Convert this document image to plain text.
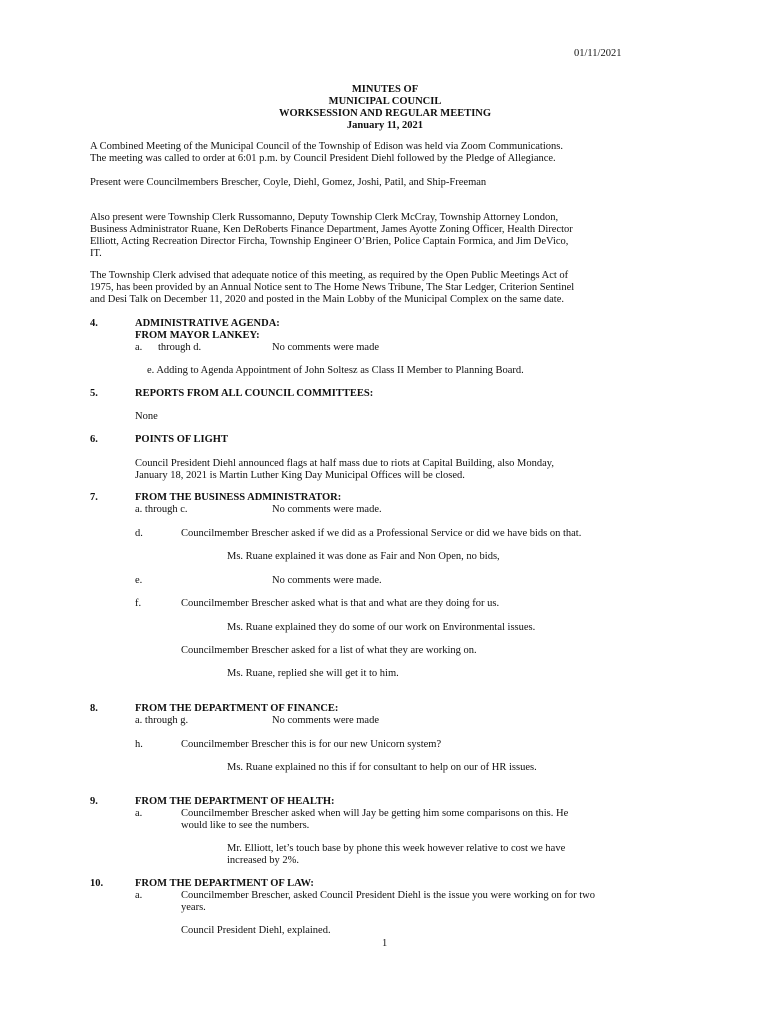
01/11/2021
MINUTES OF
MUNICIPAL COUNCIL
WORKSESSION AND REGULAR MEETING
January 11, 2021
A Combined Meeting of the Municipal Council of the Township of Edison was held via Zoom Communications.
The meeting was called to order at 6:01 p.m. by Council President Diehl followed by the Pledge of Allegiance.
Present were Councilmembers Brescher, Coyle, Diehl, Gomez, Joshi, Patil, and Ship-Freeman
Also present were Township Clerk Russomanno, Deputy Township Clerk McCray, Township Attorney London,
Business Administrator Ruane, Ken DeRoberts Finance Department, James Ayotte Zoning Officer, Health Director
Elliott, Acting Recreation Director Fircha, Township Engineer O’Brien, Police Captain Formica, and Jim DeVico,
IT.
The Township Clerk advised that adequate notice of this meeting, as required by the Open Public Meetings Act of
1975, has been provided by an Annual Notice sent to The Home News Tribune, The Star Ledger, Criterion Sentinel
and Desi Talk on December 11, 2020 and posted in the Main Lobby of the Municipal Complex on the same date.
4.	ADMINISTRATIVE AGENDA:
FROM MAYOR LANKEY:
a. through d.	No comments were made
e. Adding to Agenda Appointment of John Soltesz as Class II Member to Planning Board.
5.	REPORTS FROM ALL COUNCIL COMMITTEES:
None
6.	POINTS OF LIGHT
Council President Diehl announced flags at half mass due to riots at Capital Building, also Monday,
January 18, 2021 is Martin Luther King Day Municipal Offices will be closed.
7.	FROM THE BUSINESS ADMINISTRATOR:
a. through c.	No comments were made.
d.	Councilmember Brescher asked if we did as a Professional Service or did we have bids on that.
Ms. Ruane explained it was done as Fair and Non Open, no bids,
e.	No comments were made.
f.	Councilmember Brescher asked what is that and what are they doing for us.
Ms. Ruane explained they do some of our work on Environmental issues.
Councilmember Brescher asked for a list of what they are working on.
Ms. Ruane, replied she will get it to him.
8.	FROM THE DEPARTMENT OF FINANCE:
a. through g.	No comments were made
h.	Councilmember Brescher this is for our new Unicorn system?
Ms. Ruane explained no this if for consultant to help on our of HR issues.
9.	FROM THE DEPARTMENT OF HEALTH:
a.	Councilmember Brescher asked when will Jay be getting him some comparisons on this. He
would like to see the numbers.
Mr. Elliott, let’s touch base by phone this week however relative to cost we have
increased by 2%.
10.	FROM THE DEPARTMENT OF LAW:
a.	Councilmember Brescher, asked Council President Diehl is the issue you were working on for two
years.
Council President Diehl, explained.
1
